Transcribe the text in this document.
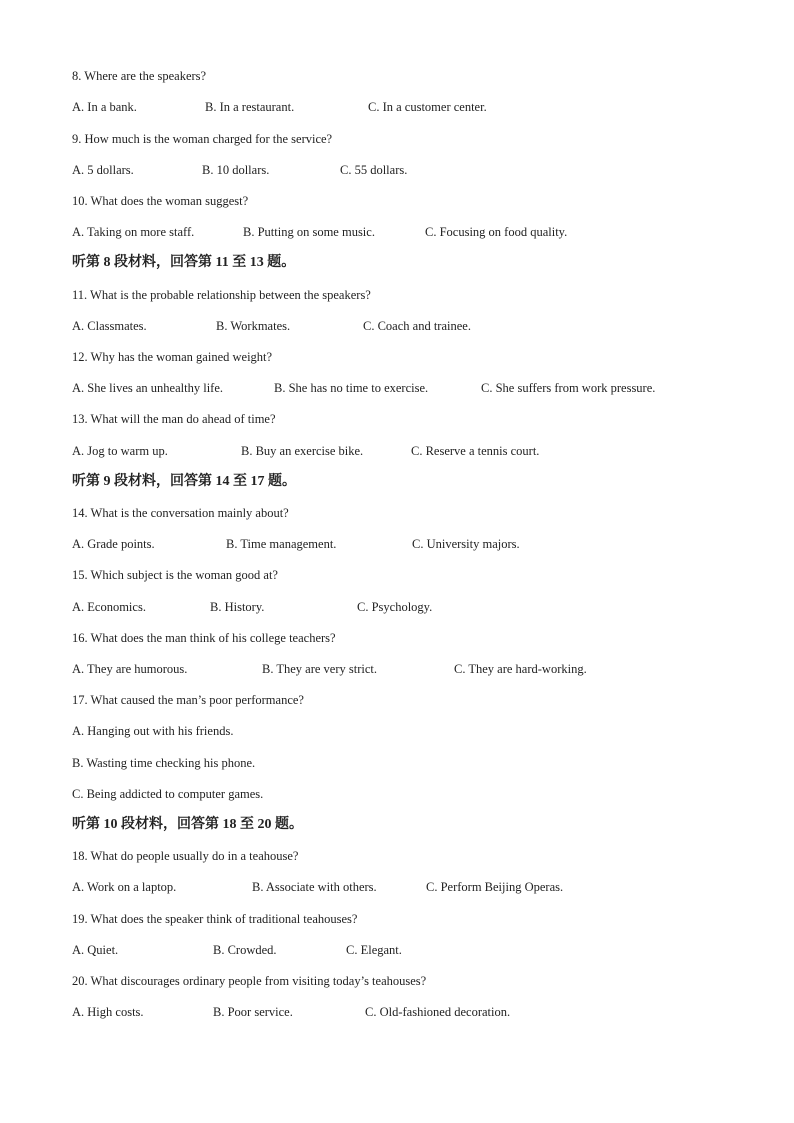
8. Where are the speakers?
A. In a bank.	B. In a restaurant.	C. In a customer center.
9. How much is the woman charged for the service?
A. 5 dollars.	B. 10 dollars.	C. 55 dollars.
10. What does the woman suggest?
A. Taking on more staff.	B. Putting on some music.	C. Focusing on food quality.
听第 8 段材料，回答第 11 至 13 题。
11. What is the probable relationship between the speakers?
A. Classmates.	B. Workmates.	C. Coach and trainee.
12. Why has the woman gained weight?
A. She lives an unhealthy life.	B. She has no time to exercise.	C. She suffers from work pressure.
13. What will the man do ahead of time?
A. Jog to warm up.	B. Buy an exercise bike.	C. Reserve a tennis court.
听第 9 段材料，回答第 14 至 17 题。
14. What is the conversation mainly about?
A. Grade points.	B. Time management.	C. University majors.
15. Which subject is the woman good at?
A. Economics.	B. History.	C. Psychology.
16. What does the man think of his college teachers?
A. They are humorous.	B. They are very strict.	C. They are hard-working.
17. What caused the man’s poor performance?
A. Hanging out with his friends.
B. Wasting time checking his phone.
C. Being addicted to computer games.
听第 10 段材料，回答第 18 至 20 题。
18. What do people usually do in a teahouse?
A. Work on a laptop.	B. Associate with others.	C. Perform Beijing Operas.
19. What does the speaker think of traditional teahouses?
A. Quiet.	B. Crowded.	C. Elegant.
20. What discourages ordinary people from visiting today’s teahouses?
A. High costs.	B. Poor service.	C. Old-fashioned decoration.
